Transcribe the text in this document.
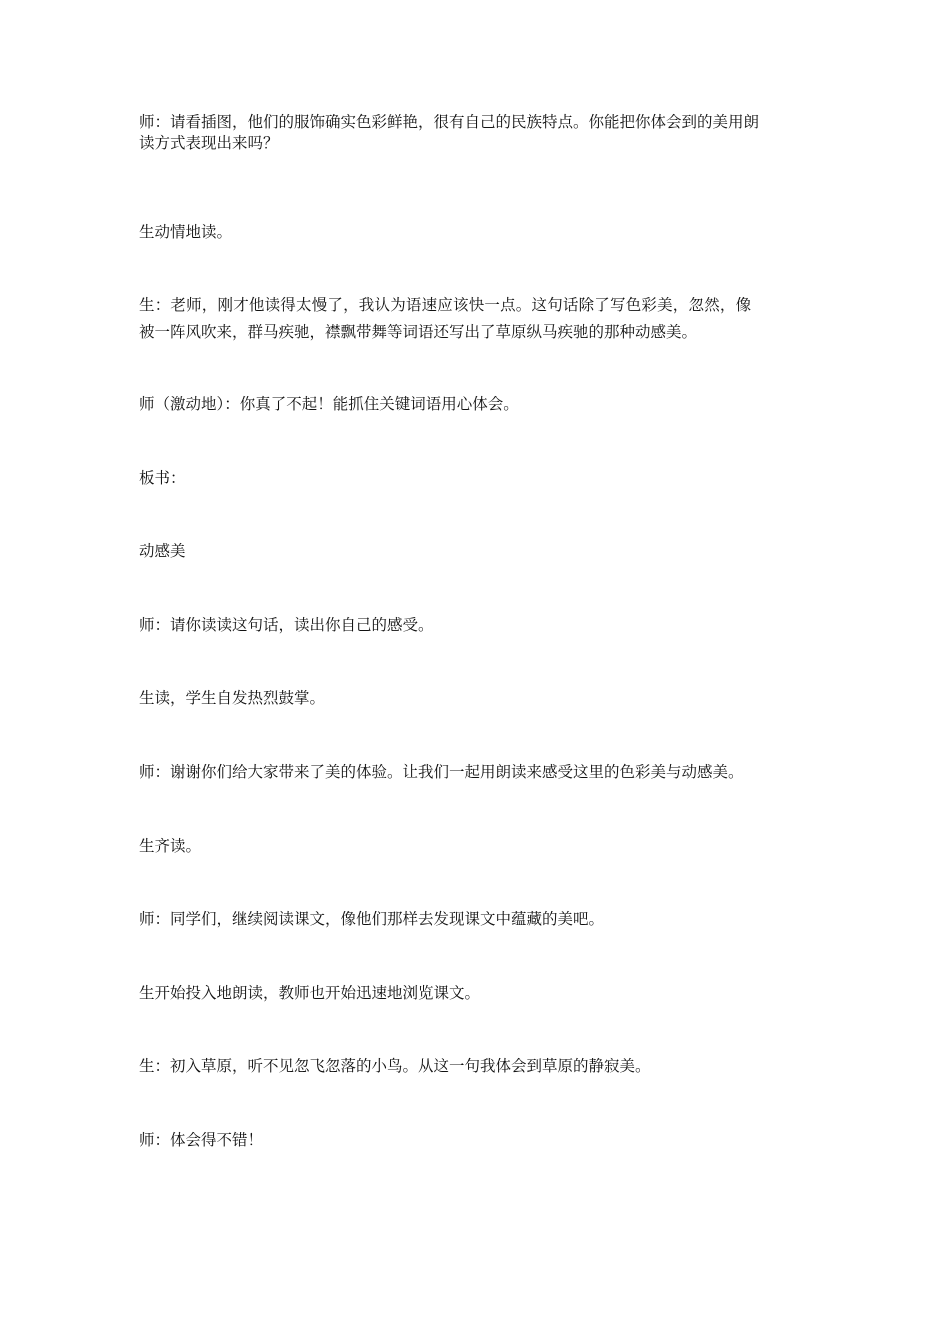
师：请看插图，他们的服饰确实色彩鲜艳，很有自己的民族特点。你能把你体会到的美用朗
读方式表现出来吗？
生动情地读。
生：老师，刚才他读得太慢了，我认为语速应该快一点。这句话除了写色彩美，忽然，像
被一阵风吹来，群马疾驰，襟飘带舞等词语还写出了草原纵马疾驰的那种动感美。
师（激动地）：你真了不起！能抓住关键词语用心体会。
板书：
动感美
师：请你读读这句话，读出你自己的感受。
生读，学生自发热烈鼓掌。
师：谢谢你们给大家带来了美的体验。让我们一起用朗读来感受这里的色彩美与动感美。
生齐读。
师：同学们，继续阅读课文，像他们那样去发现课文中蕴藏的美吧。
生开始投入地朗读，教师也开始迅速地浏览课文。
生：初入草原，听不见忽飞忽落的小鸟。从这一句我体会到草原的静寂美。
师：体会得不错！
